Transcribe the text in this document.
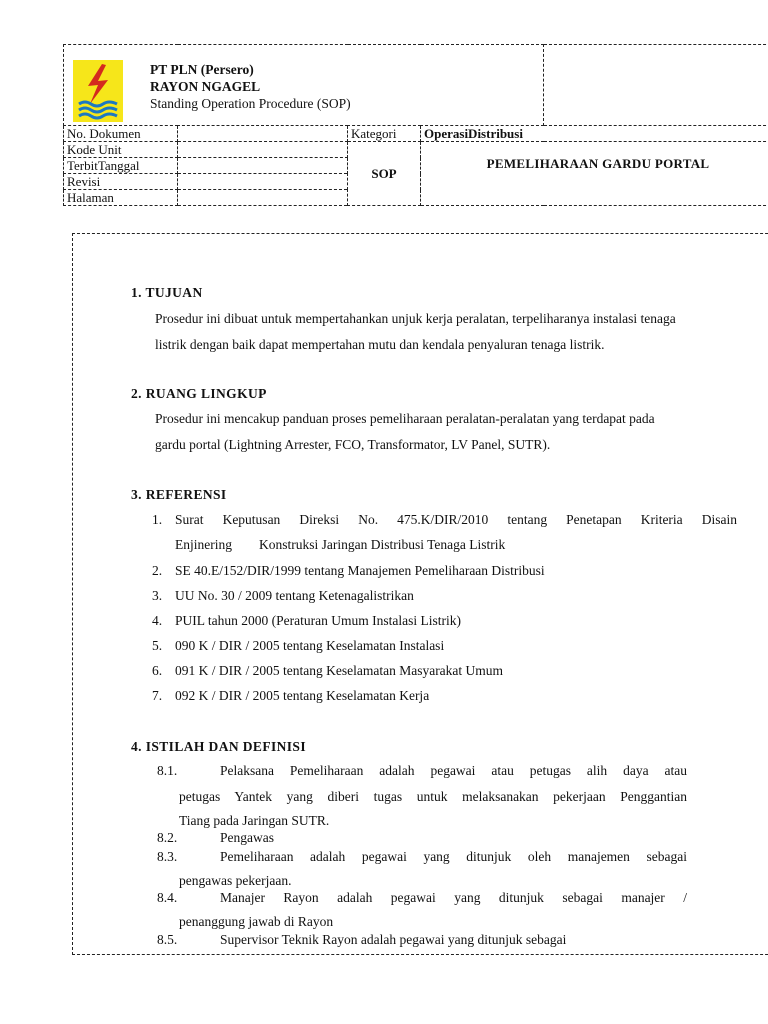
PT PLN (Persero)
RAYON NGAGEL
Standing Operation Procedure (SOP)				

No. Dokumen		Kategori	OperasiDistribusi	
Kode Unit		SOP	PEMELIHARAAN GARDU PORTAL	
TerbitTanggal				
Revisi				
Halaman				
1. TUJUAN
Prosedur ini dibuat untuk mempertahankan unjuk kerja peralatan, terpeliharanya instalasi tenaga
listrik dengan baik dapat mempertahan mutu dan kendala penyaluran tenaga listrik.
2. RUANG LINGKUP
Prosedur ini mencakup panduan proses pemeliharaan peralatan-peralatan yang terdapat pada
gardu portal (Lightning Arrester, FCO, Transformator, LV Panel, SUTR).
3. REFERENSI
1. Surat Keputusan Direksi No. 475.K/DIR/2010 tentang Penetapan Kriteria Disain
Enjinering        Konstruksi Jaringan Distribusi Tenaga Listrik
2. SE 40.E/152/DIR/1999 tentang Manajemen Pemeliharaan Distribusi
3. UU No. 30 / 2009 tentang Ketenagalistrikan
4. PUIL tahun 2000 (Peraturan Umum Instalasi Listrik)
5. 090 K / DIR / 2005 tentang Keselamatan Instalasi
6. 091 K / DIR / 2005 tentang Keselamatan Masyarakat Umum
7. 092 K / DIR / 2005 tentang Keselamatan Kerja
4. ISTILAH DAN DEFINISI
8.1.	Pelaksana Pemeliharaan adalah pegawai atau petugas alih daya atau
petugas Yantek yang diberi tugas untuk melaksanakan pekerjaan Penggantian
Tiang pada Jaringan SUTR.
8.2.	Pengawas
8.3.	Pemeliharaan adalah pegawai yang ditunjuk oleh manajemen sebagai
pengawas pekerjaan.
8.4.	Manajer Rayon adalah pegawai yang ditunjuk sebagai manajer /
penanggung jawab di Rayon
8.5.	Supervisor Teknik Rayon adalah pegawai yang ditunjuk sebagai
